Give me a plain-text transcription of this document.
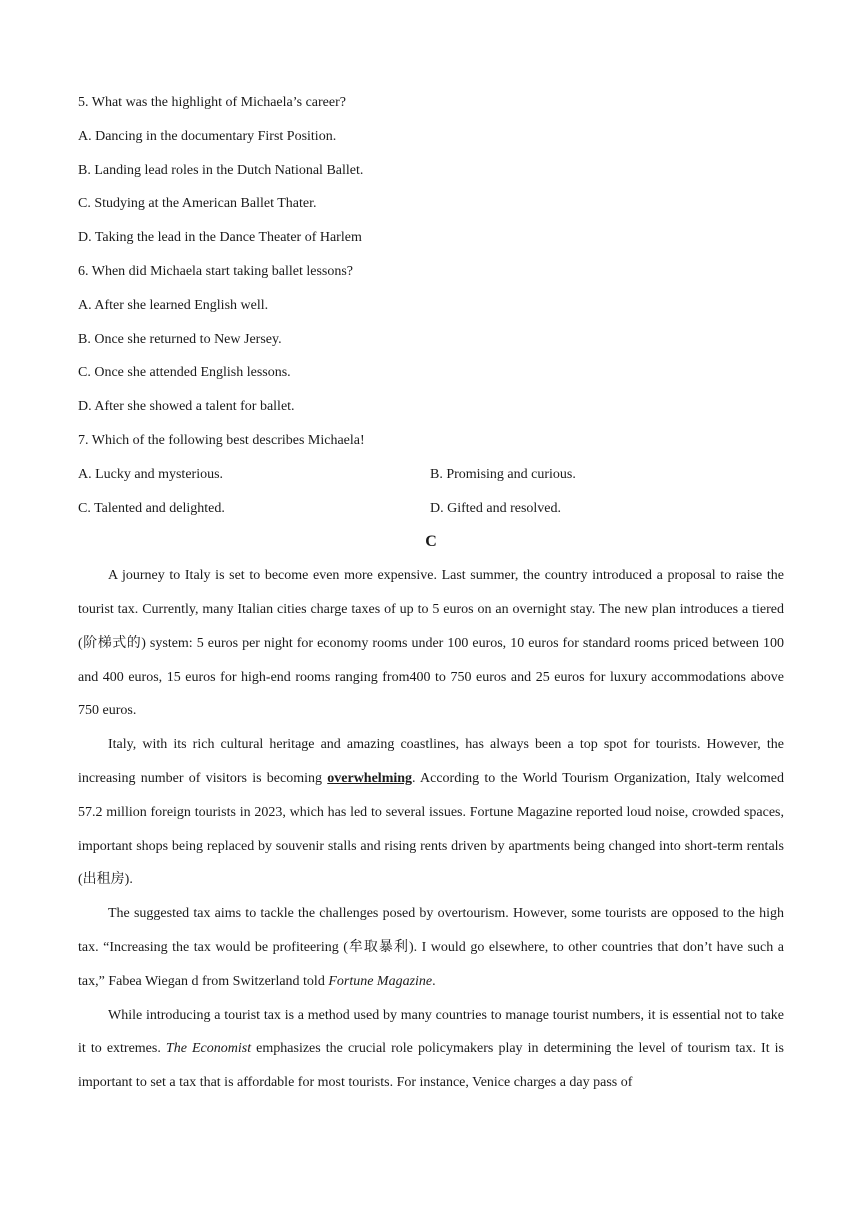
5. What was the highlight of Michaela’s career?
A. Dancing in the documentary First Position.
B. Landing lead roles in the Dutch National Ballet.
C. Studying at the American Ballet Thater.
D. Taking the lead in the Dance Theater of Harlem
6. When did Michaela start taking ballet lessons?
A. After she learned English well.
B. Once she returned to New Jersey.
C. Once she attended English lessons.
D. After she showed a talent for ballet.
7. Which of the following best describes Michaela!
A. Lucky and mysterious.	B. Promising and curious.
C. Talented and delighted.	D. Gifted and resolved.
C

A journey to Italy is set to become even more expensive. Last summer, the country introduced a proposal to raise the tourist tax. Currently, many Italian cities charge taxes of up to 5 euros on an overnight stay. The new plan introduces a tiered (阶梯式的) system: 5 euros per night for economy rooms under 100 euros, 10 euros for standard rooms priced between 100 and 400 euros, 15 euros for high-end rooms ranging from400 to 750 euros and 25 euros for luxury accommodations above 750 euros.

Italy, with its rich cultural heritage and amazing coastlines, has always been a top spot for tourists. However, the increasing number of visitors is becoming overwhelming. According to the World Tourism Organization, Italy welcomed 57.2 million foreign tourists in 2023, which has led to several issues. Fortune Magazine reported loud noise, crowded spaces, important shops being replaced by souvenir stalls and rising rents driven by apartments being changed into short-term rentals (出租房).

The suggested tax aims to tackle the challenges posed by overtourism. However, some tourists are opposed to the high tax. “Increasing the tax would be profiteering (牟取暴利). I would go elsewhere, to other countries that don’t have such a tax,” Fabea Wiegan d from Switzerland told Fortune Magazine.

While introducing a tourist tax is a method used by many countries to manage tourist numbers, it is essential not to take it to extremes. The Economist emphasizes the crucial role policymakers play in determining the level of tourism tax. It is important to set a tax that is affordable for most tourists. For instance, Venice charges a day pass of
